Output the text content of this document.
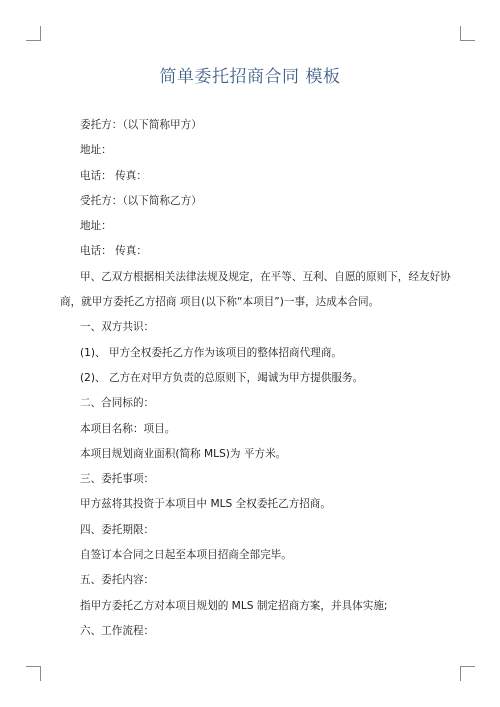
简单委托招商合同 模板

委托方：（以下简称甲方）

地址：

电话： 传真：

受托方：（以下简称乙方）

地址：

电话： 传真：

甲、乙双方根据相关法律法规及规定，在平等、互利、自愿的原则下，经友好协

商，就甲方委托乙方招商 项目(以下称“本项目”)一事，达成本合同。

一、双方共识：

(1)、 甲方全权委托乙方作为该项目的整体招商代理商。

(2)、 乙方在对甲方负责的总原则下，竭诚为甲方提供服务。

二、合同标的：

本项目名称：项目。

本项目规划商业面积(简称 MLS)为 平方米。

三、委托事项：

甲方兹将其投资于本项目中 MLS 全权委托乙方招商。

四、委托期限：

自签订本合同之日起至本项目招商全部完毕。

五、委托内容：

指甲方委托乙方对本项目规划的 MLS 制定招商方案，并具体实施;

六、工作流程：
